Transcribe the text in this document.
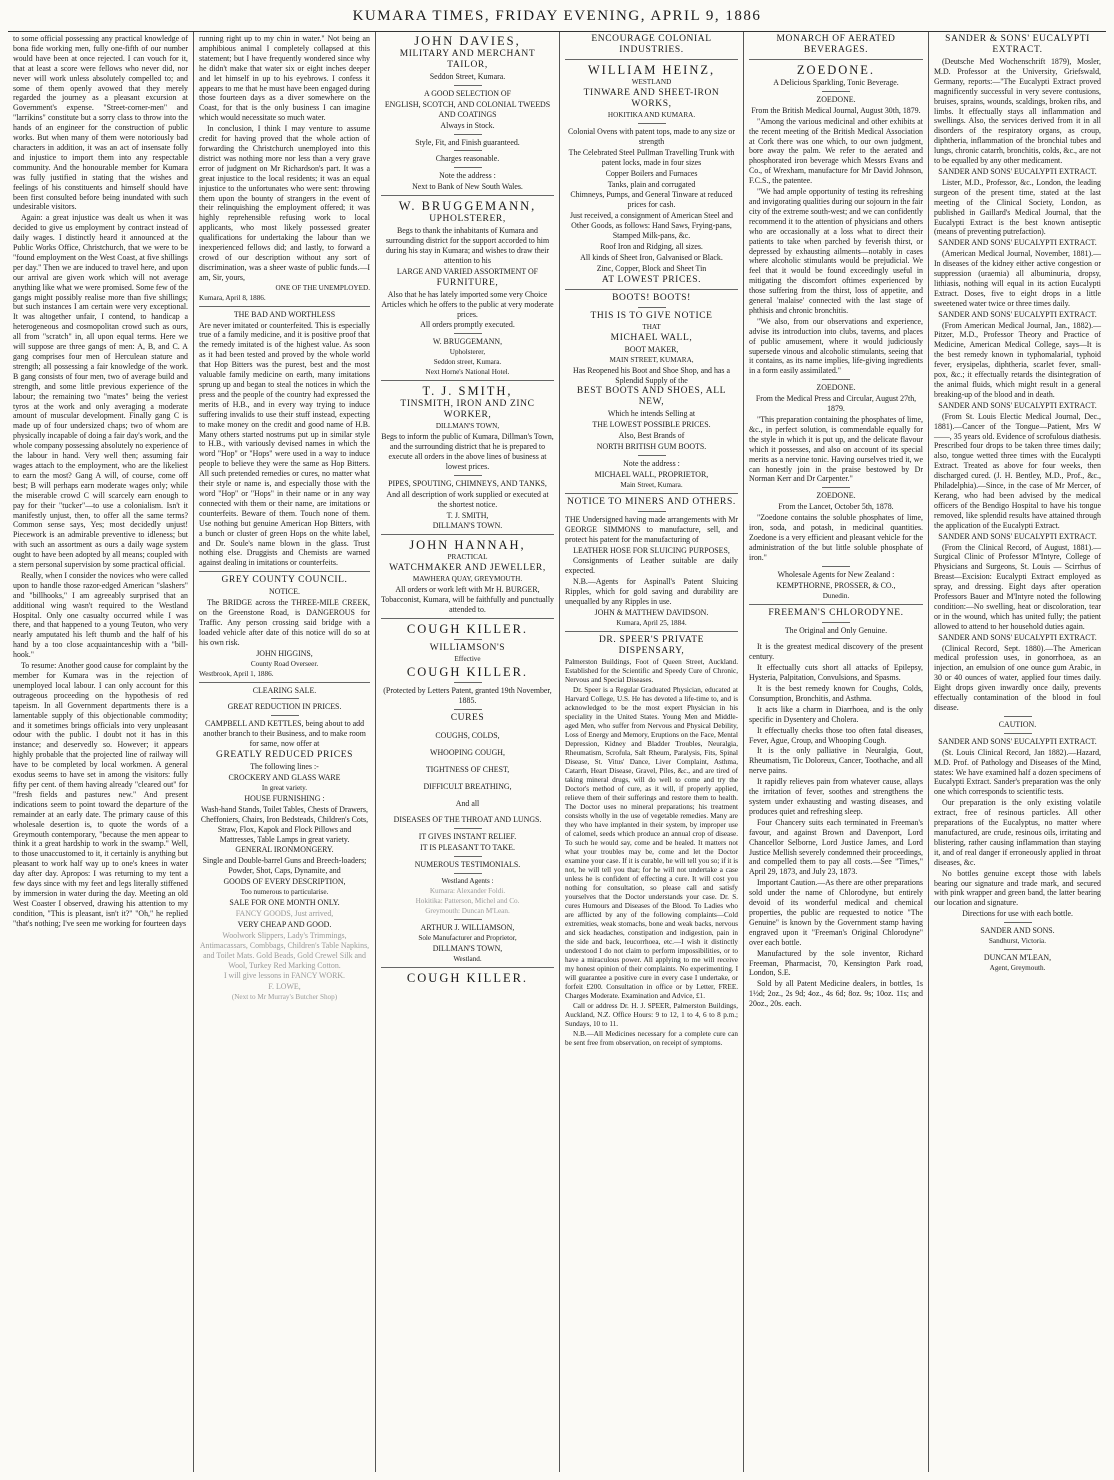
KUMARA TIMES, FRIDAY EVENING, APRIL 9, 1886

to some official possessing any practical knowledge of bona fide working men, fully one-fifth of our number would have been at once rejected. I can vouch for it, that at least a score were fellows who never did, nor never will work unless absolutely compelled to; and some of them openly avowed that they merely regarded the journey as a pleasant excursion at Government's expense. "Street-corner-men" and "larrikins" constitute but a sorry class to throw into the hands of an engineer for the construction of public works. But when many of them were notoriously bad characters in addition, it was an act of insensate folly and injustice to import them into any respectable community. And the honourable member for Kumara was fully justified in stating that the wishes and feelings of his constituents and himself should have been first consulted before being inundated with such undesirable visitors.

Again: a great injustice was dealt us when it was decided to give us employment by contract instead of daily wages. I distinctly heard it announced at the Public Works Office, Christchurch, that we were to be "found employment on the West Coast, at five shillings per day." Then we are induced to travel here, and upon our arrival are given work which will not average anything like what we were promised. Some few of the gangs might possibly realise more than five shillings; but such instances I am certain were very exceptional. It was altogether unfair, I contend, to handicap a heterogeneous and cosmopolitan crowd such as ours, all from "scratch" in, all upon equal terms. Here we will suppose are three gangs of men: A, B, and C. A gang comprises four men of Herculean stature and strength; all possessing a fair knowledge of the work. B gang consists of four men, two of average build and strength, and some little previous experience of the labour; the remaining two "mates" being the veriest tyros at the work and only averaging a moderate amount of muscular development. Finally gang C is made up of four undersized chaps; two of whom are physically incapable of doing a fair day's work, and the whole company possessing absolutely no experience of the labour in hand. Very well then; assuming fair wages attach to the employment, who are the likeliest to earn the most? Gang A will, of course, come off best; B will perhaps earn moderate wages only; while the miserable crowd C will scarcely earn enough to pay for their "tucker"—to use a colonialism. Isn't it manifestly unjust, then, to offer all the same terms? Common sense says, Yes; most decidedly unjust! Piecework is an admirable preventive to idleness; but with such an assortment as ours a daily wage system ought to have been adopted by all means; coupled with a stern personal supervision by some practical official.

Really, when I consider the novices who were called upon to handle those razor-edged American "slashers" and "billhooks," I am agreeably surprised that an additional wing wasn't required to the Westland Hospital. Only one casualty occurred while I was there, and that happened to a young Teuton, who very nearly amputated his left thumb and the half of his hand by a too close acquaintanceship with a "bill-hook."

To resume: Another good cause for complaint by the member for Kumara was in the rejection of unemployed local labour. I can only account for this outrageous proceeding on the hypothesis of red tapeism. In all Government departments there is a lamentable supply of this objectionable commodity; and it sometimes brings officials into very unpleasant odour with the public. I doubt not it has in this instance; and deservedly so. However; it appears highly probable that the projected line of railway will have to be completed by local workmen. A general exodus seems to have set in among the visitors: fully fifty per cent. of them having already "cleared out" for "fresh fields and pastures new." And present indications seem to point toward the departure of the remainder at an early date. The primary cause of this wholesale desertion is, to quote the words of a Greymouth contemporary, "because the men appear to think it a great hardship to work in the swamp." Well, to those unaccustomed to it, it certainly is anything but pleasant to work half way up to one's knees in water day after day. Apropos: I was returning to my tent a few days since with my feet and legs literally stiffened by immersion in water during the day. Meeting an old West Coaster I observed, drawing his attention to my condition, "This is pleasant, isn't it?" "Oh," he replied "that's nothing; I've seen me working for fourteen days

running right up to my chin in water." Not being an amphibious animal I completely collapsed at this statement; but I have frequently wondered since why he didn't make that water six or eight inches deeper and let himself in up to his eyebrows. I confess it appears to me that he must have been engaged during those fourteen days as a diver somewhere on the Coast, for that is the only business I can imagine which would necessitate so much water.

In conclusion, I think I may venture to assume credit for having proved that the whole action of forwarding the Christchurch unemployed into this district was nothing more nor less than a very grave error of judgment on Mr Richardson's part. It was a great injustice to the local residents; it was an equal injustice to the unfortunates who were sent: throwing them upon the bounty of strangers in the event of their relinquishing the employment offered; it was highly reprehensible refusing work to local applicants, who most likely possessed greater qualifications for undertaking the labour than we inexperienced fellows did; and lastly, to forward a crowd of our description without any sort of discrimination, was a sheer waste of public funds.—I am, Sir, yours,

ONE OF THE UNEMPLOYED.

Kumara, April 8, 1886.

THE BAD AND WORTHLESS

Are never imitated or counterfeited. This is especially true of a family medicine, and it is positive proof that the remedy imitated is of the highest value. As soon as it had been tested and proved by the whole world that Hop Bitters was the purest, best and the most valuable family medicine on earth, many imitations sprung up and began to steal the notices in which the press and the people of the country had expressed the merits of H.B., and in every way trying to induce suffering invalids to use their stuff instead, expecting to make money on the credit and good name of H.B. Many others started nostrums put up in similar style to H.B., with variously devised names in which the word "Hop" or "Hops" were used in a way to induce people to believe they were the same as Hop Bitters. All such pretended remedies or cures, no matter what their style or name is, and especially those with the word "Hop" or "Hops" in their name or in any way connected with them or their name, are imitations or counterfeits. Beware of them. Touch none of them. Use nothing but genuine American Hop Bitters, with a bunch or cluster of green Hops on the white label, and Dr. Soule's name blown in the glass. Trust nothing else. Druggists and Chemists are warned against dealing in imitations or counterfeits.

GREY COUNTY COUNCIL.

NOTICE.

The BRIDGE across the THREE-MILE CREEK, on the Greenstone Road, is DANGEROUS for Traffic. Any person crossing said bridge with a loaded vehicle after date of this notice will do so at his own risk.

JOHN HIGGINS,

County Road Overseer.

Westbrook, April 1, 1886.

CLEARING SALE.

GREAT REDUCTION IN PRICES.

CAMPBELL AND KETTLES, being about to add another branch to their Business, and to make room for same, now offer at

GREATLY REDUCED PRICES

The following lines :-

CROCKERY AND GLASS WARE

In great variety.

HOUSE FURNISHING :

Wash-hand Stands, Toilet Tables, Chests of Drawers, Cheffoniers, Chairs, Iron Bedsteads, Children's Cots, Straw, Flox, Kapok and Flock Pillows and Mattresses, Table Lamps in great variety.

GENERAL IRONMONGERY.

Single and Double-barrel Guns and Breech-loaders; Powder, Shot, Caps, Dynamite, and

GOODS OF EVERY DESCRIPTION,

Too numerous to particularise.

SALE FOR ONE MONTH ONLY.

FANCY GOODS, Just arrived,

VERY CHEAP AND GOOD.

Woolwork Slippers, Lady's Trimmings, Antimacassars, Combbags, Children's Table Napkins, and Toilet Mats. Gold Beads, Gold Crewel Silk and Wool, Turkey Red Marking Cotton.

I will give lessons in FANCY WORK.

F. LOWE,

(Next to Mr Murray's Butcher Shop)

JOHN DAVIES,

MILITARY AND MERCHANT TAILOR,

Seddon Street, Kumara.

A GOOD SELECTION OF

ENGLISH, SCOTCH, AND COLONIAL TWEEDS AND COATINGS

Always in Stock.

Style, Fit, and Finish guaranteed.

Charges reasonable.

Note the address :

Next to Bank of New South Wales.

W. BRUGGEMANN,

UPHOLSTERER,

Begs to thank the inhabitants of Kumara and surrounding district for the support accorded to him during his stay in Kumara; and wishes to draw their attention to his

LARGE AND VARIED ASSORTMENT OF

FURNITURE,

Also that he has lately imported some very Choice Articles which he offers to the public at very moderate prices.

All orders promptly executed.

W. BRUGGEMANN,

Upholsterer,

Seddon street, Kumara.

Next Horne's National Hotel.

T. J. SMITH,

TINSMITH, IRON AND ZINC WORKER,

DILLMAN'S TOWN,

Begs to inform the public of Kumara, Dillman's Town, and the surrounding district that he is prepared to execute all orders in the above lines of business at lowest prices.

PIPES, SPOUTING, CHIMNEYS, AND TANKS,

And all description of work supplied or executed at the shortest notice.

T. J. SMITH,

DILLMAN'S TOWN.

JOHN HANNAH,

PRACTICAL

WATCHMAKER AND JEWELLER,

MAWHERA QUAY, GREYMOUTH.

All orders or work left with Mr H. BURGER, Tobacconist, Kumara, will be faithfully and punctually attended to.

COUGH KILLER.

WILLIAMSON'S

Effective

COUGH KILLER.

(Protected by Letters Patent, granted 19th November, 1885.

CURES

COUGHS, COLDS,

WHOOPING COUGH,

TIGHTNESS OF CHEST,

DIFFICULT BREATHING,

And all

DISEASES OF THE THROAT AND LUNGS.

IT GIVES INSTANT RELIEF.

IT IS PLEASANT TO TAKE.

NUMEROUS TESTIMONIALS.

Westland Agents :

Kumara: Alexander Foldi.

Hokitika: Patterson, Michel and Co.

Greymouth: Duncan M'Lean.

ARTHUR J. WILLIAMSON,

Sole Manufacturer and Proprietor,

DILLMAN'S TOWN,

Westland.

COUGH KILLER.

ENCOURAGE COLONIAL INDUSTRIES.

WILLIAM HEINZ,

WESTLAND

TINWARE AND SHEET-IRON WORKS,

HOKITIKA AND KUMARA.

Colonial Ovens with patent tops, made to any size or strength

The Celebrated Steel Pullman Travelling Trunk with patent locks, made in four sizes

Copper Boilers and Furnaces

Tanks, plain and corrugated

Chimneys, Pumps, and General Tinware at reduced prices for cash.

Just received, a consignment of American Steel and Other Goods, as follows: Hand Saws, Frying-pans, Stamped Milk-pans, &c.

Roof Iron and Ridging, all sizes.

All kinds of Sheet Iron, Galvanised or Black.

Zinc, Copper, Block and Sheet Tin

AT LOWEST PRICES.

BOOTS! BOOTS!

THIS IS TO GIVE NOTICE

THAT

MICHAEL WALL,

BOOT MAKER,

MAIN STREET, KUMARA,

Has Reopened his Boot and Shoe Shop, and has a Splendid Supply of the

BEST BOOTS AND SHOES, ALL NEW,

Which he intends Selling at

THE LOWEST POSSIBLE PRICES.

Also, Best Brands of

NORTH BRITISH GUM BOOTS.

Note the address :

MICHAEL WALL, PROPRIETOR,

Main Street, Kumara.

NOTICE TO MINERS AND OTHERS.

THE Undersigned having made arrangements with Mr GEORGE SIMMONS to manufacture, sell, and protect his patent for the manufacturing of

LEATHER HOSE FOR SLUICING PURPOSES,

Consignments of Leather suitable are daily expected.

N.B.—Agents for Aspinall's Patent Sluicing Ripples, which for gold saving and durability are unequalled by any Ripples in use.

JOHN & MATTHEW DAVIDSON.

Kumara, April 25, 1884.

DR. SPEER'S PRIVATE DISPENSARY,

Palmerston Buildings, Foot of Queen Street, Auckland. Established for the Scientific and Speedy Cure of Chronic, Nervous and Special Diseases.

Dr. Speer is a Regular Graduated Physician, educated at Harvard College, U.S. He has devoted a life-time to, and is acknowledged to be the most expert Physician in his speciality in the United States. Young Men and Middle-aged Men, who suffer from Nervous and Physical Debility, Loss of Energy and Memory, Eruptions on the Face, Mental Depression, Kidney and Bladder Troubles, Neuralgia, Rheumatism, Scrofula, Salt Rheum, Paralysis, Fits, Spinal Disease, St. Vitus' Dance, Liver Complaint, Asthma, Catarrh, Heart Disease, Gravel, Piles, &c., and are tired of taking mineral drugs, will do well to come and try the Doctor's method of cure, as it will, if properly applied, relieve them of their sufferings and restore them to health. The Doctor uses no mineral preparations; his treatment consists wholly in the use of vegetable remedies. Many are they who have implanted in their system, by improper use of calomel, seeds which produce an annual crop of disease. To such he would say, come and be healed. It matters not what your troubles may be, come and let the Doctor examine your case. If it is curable, he will tell you so; if it is not, he will tell you that; for he will not undertake a case unless he is confident of effecting a cure. It will cost you nothing for consultation, so please call and satisfy yourselves that the Doctor understands your case. Dr. S. cures Humours and Diseases of the Blood. To Ladies who are afflicted by any of the following complaints—Cold extremities, weak stomachs, bone and weak backs, nervous and sick headaches, constipation and indigestion, pain in the side and back, leucorrhoea, etc.—I wish it distinctly understood I do not claim to perform impossibilities, or to have a miraculous power. All applying to me will receive my honest opinion of their complaints. No experimenting. I will guarantee a positive cure in every case I undertake, or forfeit £200. Consultation in office or by Letter, FREE. Charges Moderate. Examination and Advice, £1.

Call or address Dr. H. J. SPEER, Palmerston Buildings, Auckland, N.Z. Office Hours: 9 to 12, 1 to 4, 6 to 8 p.m.; Sundays, 10 to 11.

N.B.—All Medicines necessary for a complete cure can be sent free from observation, on receipt of symptoms.

MONARCH OF AERATED BEVERAGES.

ZOEDONE.

A Delicious Sparkling, Tonic Beverage.

ZOEDONE.

From the British Medical Journal, August 30th, 1879.

"Among the various medicinal and other exhibits at the recent meeting of the British Medical Association at Cork there was one which, to our own judgment, bore away the palm. We refer to the aerated and phosphorated iron beverage which Messrs Evans and Co., of Wrexham, manufacture for Mr David Johnson, F.C.S., the patentee.

"We had ample opportunity of testing its refreshing and invigorating qualities during our sojourn in the fair city of the extreme south-west; and we can confidently recommend it to the attention of physicians and others who are occasionally at a loss what to direct their patients to take when parched by feverish thirst, or depressed by exhausting ailments—notably in cases where alcoholic stimulants would be prejudicial. We feel that it would be found exceedingly useful in mitigating the discomfort oftimes experienced by those suffering from the thirst, loss of appetite, and general 'malaise' connected with the last stage of phthisis and chronic bronchitis.

"We also, from our observations and experience, advise its introduction into clubs, taverns, and places of public amusement, where it would judiciously supersede vinous and alcoholic stimulants, seeing that it contains, as its name implies, life-giving ingredients in a form easily assimilated."

ZOEDONE.

From the Medical Press and Circular, August 27th, 1879.

"This preparation containing the phosphates of lime, &c., in perfect solution, is commendable equally for the style in which it is put up, and the delicate flavour which it possesses, and also on account of its special merits as a nervine tonic. Having ourselves tried it, we can honestly join in the praise bestowed by Dr Norman Kerr and Dr Carpenter."

ZOEDONE.

From the Lancet, October 5th, 1878.

"Zoedone contains the soluble phosphates of lime, iron, soda, and potash, in medicinal quantities. Zoedone is a very efficient and pleasant vehicle for the administration of the but little soluble phosphate of iron."

Wholesale Agents for New Zealand :

KEMPTHORNE, PROSSER, & CO.,

Dunedin.

FREEMAN'S CHLORODYNE.

The Original and Only Genuine.

It is the greatest medical discovery of the present century.

It effectually cuts short all attacks of Epilepsy, Hysteria, Palpitation, Convulsions, and Spasms.

It is the best remedy known for Coughs, Colds, Consumption, Bronchitis, and Asthma.

It acts like a charm in Diarrhoea, and is the only specific in Dysentery and Cholera.

It effectually checks those too often fatal diseases, Fever, Ague, Croup, and Whooping Cough.

It is the only palliative in Neuralgia, Gout, Rheumatism, Tic Doloreux, Cancer, Toothache, and all nerve pains.

It rapidly relieves pain from whatever cause, allays the irritation of fever, soothes and strengthens the system under exhausting and wasting diseases, and produces quiet and refreshing sleep.

Four Chancery suits each terminated in Freeman's favour, and against Brown and Davenport, Lord Chancellor Selborne, Lord Justice James, and Lord Justice Mellish severely condemned their proceedings, and compelled them to pay all costs.—See "Times," April 29, 1873, and July 23, 1873.

Important Caution.—As there are other preparations sold under the name of Chlorodyne, but entirely devoid of its wonderful medical and chemical properties, the public are requested to notice "The Genuine" is known by the Government stamp having engraved upon it "Freeman's Original Chlorodyne" over each bottle.

Manufactured by the sole inventor, Richard Freeman, Pharmacist, 70, Kensington Park road, London, S.E.

Sold by all Patent Medicine dealers, in bottles, 1s 1½d; 2oz., 2s 9d; 4oz., 4s 6d; 8oz. 9s; 10oz. 11s; and 20oz., 20s. each.

SANDER & SONS' EUCALYPTI EXTRACT.

(Deutsche Med Wochenschrift 1879), Mosler, M.D. Professor at the University, Griefswald, Germany, reports:—"The Eucalypti Extract proved magnificently successful in very severe contusions, bruises, sprains, wounds, scaldings, broken ribs, and limbs. It effectually stays all inflammation and swellings. Also, the services derived from it in all disorders of the respiratory organs, as croup, diphtheria, inflammation of the bronchial tubes and lungs, chronic catarrh, bronchitis, colds, &c., are not to be equalled by any other medicament.

SANDER AND SONS' EUCALYPTI EXTRACT.

Lister, M.D., Professor, &c., London, the leading surgeon of the present time, stated at the last meeting of the Clinical Society, London, as published in Gaillard's Medical Journal, that the Eucalypti Extract is the best known antiseptic (means of preventing putrefaction).

SANDER AND SONS' EUCALYPTI EXTRACT.

(American Medical Journal, November, 1881).—In diseases of the kidney either active congestion or suppression (uraemia) all albuminuria, dropsy, lithiasis, nothing will equal in its action Eucalypti Extract. Doses, five to eight drops in a little sweetened water twice or three times daily.

SANDER AND SONS' EUCALYPTI EXTRACT.

(From American Medical Journal, Jan., 1882).—Pitzer, M.D., Professor Theory and Practice of Medicine, American Medical College, says—It is the best remedy known in typhomalarial, typhoid fever, erysipelas, diphtheria, scarlet fever, small-pox, &c.; it effectually retards the disintegration of the animal fluids, which might result in a general breaking-up of the blood and in death.

SANDER AND SONS' EUCALYPTI EXTRACT.

(From St. Louis Electic Medical Journal, Dec., 1881).—Cancer of the Tongue—Patient, Mrs W——, 35 years old. Evidence of scrofulous diathesis. Prescribed four drops to be taken three times daily; also, tongue wetted three times with the Eucalypti Extract. Treated as above for four weeks, then discharged cured. (J. H. Bentley, M.D., Prof., &c., Philadelphia).—Since, in the case of Mr Mercer, of Kerang, who had been advised by the medical officers of the Bendigo Hospital to have his tongue removed, like splendid results have attained through the application of the Eucalypti Extract.

SANDER AND SONS' EUCALYPTI EXTRACT.

(From the Clinical Record, of August, 1881).—Surgical Clinic of Professor M'Intyre, College of Physicians and Surgeons, St. Louis — Scirrhus of Breast—Excision: Eucalypti Extract employed as spray, and dressing. Eight days after operation Professors Bauer and M'Intyre noted the following condition:—No swelling, heat or discoloration, tear or in the wound, which has united fully; the patient allowed to attend to her household duties again.

SANDER AND SONS' EUCALYPTI EXTRACT.

(Clinical Record, Sept. 1880).—The American medical profession uses, in gonorrhoea, as an injection, an emulsion of one ounce gum Arabic, in 30 or 40 ounces of water, applied four times daily. Eight drops given inwardly once daily, prevents effectually contamination of the blood in foul disease.

CAUTION.

SANDER AND SONS' EUCALYPTI EXTRACT.

(St. Louis Clinical Record, Jan 1882).—Hazard, M.D. Prof. of Pathology and Diseases of the Mind, states: We have examined half a dozen specimens of Eucalypti Extract. Sander's preparation was the only one which corresponds to scientific tests.

Our preparation is the only existing volatile extract, free of resinous particles. All other preparations of the Eucalyptus, no matter where manufactured, are crude, resinous oils, irritating and blistering, rather causing inflammation than staying it, and of real danger if erroneously applied in throat diseases, &c.

No bottles genuine except those with labels bearing our signature and trade mark, and secured with pink wrapper and green band, the latter bearing our location and signature.

Directions for use with each bottle.

SANDER AND SONS.

Sandhurst, Victoria.

DUNCAN M'LEAN,

Agent, Greymouth.
